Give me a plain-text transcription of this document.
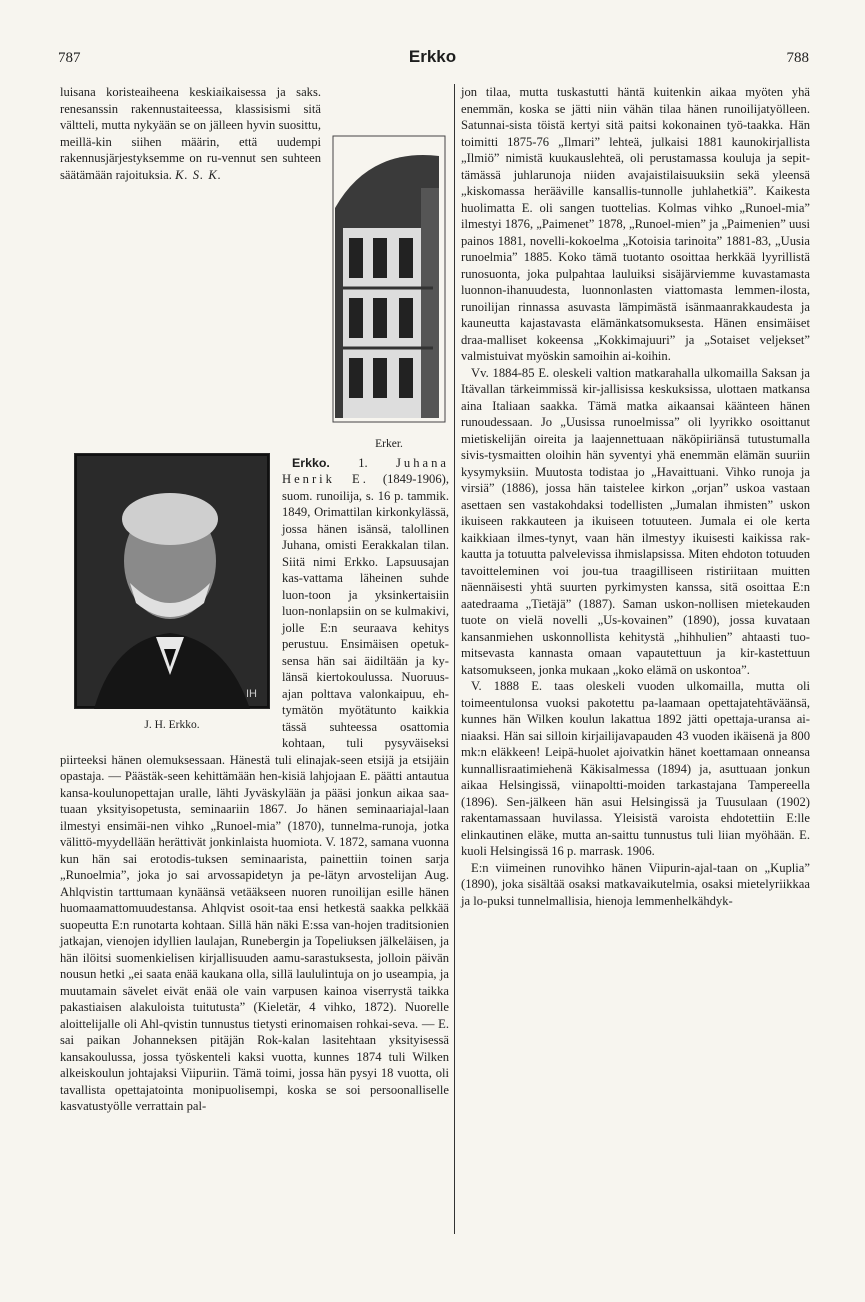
787	Erkko	788
Erker.

luisana koristeaiheena keskiaikaisessa ja saks. renesanssin rakennustaiteessa, klassisismi sitä vältteli, mutta nykyään se on jälleen hyvin suosittu, meillä-kin siihen määrin, että uudempi rakennusjärjestyksemme on ru-vennut sen suhteen säätämään rajoituksia. K. S. K.

IH
J. H. Erkko.

Erkko. 1. Juhana Henrik E. (1849-1906), suom. runoilija, s. 16 p. tammik. 1849, Orimattilan kirkonkylässä, jossa hänen isänsä, talollinen Juhana, omisti Eerakkalan tilan. Siitä nimi Erkko. Lapsuusajan kas-vattama läheinen suhde luon-toon ja yksinkertaisiin luon-nonlapsiin on se kulmakivi, jolle E:n seuraava kehitys perustuu. Ensimäisen opetuk-sensa hän sai äidiltään ja ky-länsä kiertokoulussa. Nuoruus-ajan polttava valonkaipuu, eh-tymätön myötätunto kaikkia tässä suhteessa osattomia kohtaan, tuli pysyväiseksi piirteeksi hänen olemuksessaan. Hänestä tuli elinajak-seen etsijä ja etsijäin opastaja. — Päästäk-seen kehittämään hen-kisiä lahjojaan E. päätti antautua kansa-koulunopettajan uralle, lähti Jyväskylään ja pääsi jonkun aikaa saa-tuaan yksityisopetusta, seminaariin 1867. Jo hänen seminaariajal-laan ilmestyi ensimäi-nen vihko „Runoel-mia” (1870), tunnelma-runoja, jotka välittö-myydellään herättivät jonkinlaista huomiota. V. 1872, samana vuonna kun hän sai erotodis-tuksen seminaarista, painettiin toinen sarja „Runoelmia”, joka jo sai arvossapidetyn ja pe-lätyn arvostelijan Aug. Ahlqvistin tarttumaan kynäänsä vetääkseen nuoren runoilijan esille hänen huomaamattomuudestansa. Ahlqvist osoit-taa ensi hetkestä saakka pelkkää suopeutta E:n runotarta kohtaan. Sillä hän näki E:ssa van-hojen traditsionien jatkajan, vienojen idyllien laulajan, Runebergin ja Topeliuksen jälkeläisen, ja hän ilöitsi suomenkielisen kirjallisuuden aamu-sarastuksesta, jolloin päivän nousun hetki „ei saata enää kaukana olla, sillä laululintuja on jo useampia, ja muutamain sävelet eivät enää ole vain varpusen kainoa viserrystä taikka pakastiaisen alakuloista tuitutusta” (Kieletär, 4 vihko, 1872). Nuorelle aloittelijalle oli Ahl-qvistin tunnustus tietysti erinomaisen rohkai-seva. — E. sai paikan Johanneksen pitäjän Rok-kalan lasitehtaan yksityisessä kansakoulussa, jossa työskenteli kaksi vuotta, kunnes 1874 tuli Wilken alkeiskoulun johtajaksi Viipuriin. Tämä toimi, jossa hän pysyi 18 vuotta, oli tavallista opettajatointa monipuolisempi, koska se soi persoonalliselle kasvatustyölle verrattain pal-

jon tilaa, mutta tuskastutti häntä kuitenkin aikaa myöten yhä enemmän, koska se jätti niin vähän tilaa hänen runoilijatyölleen. Satunnai-sista töistä kertyi sitä paitsi kokonainen työ-taakka. Hän toimitti 1875-76 „Ilmari” lehteä, julkaisi 1881 kaunokirjallista „Ilmiö” nimistä kuukauslehteä, oli perustamassa kouluja ja sepit-tämässä juhlarunoja niiden avajaistilaisuuksiin sekä yleensä „kiskomassa herääville kansallis-tunnolle juhlahetkiä”. Kaikesta huolimatta E. oli sangen tuottelias. Kolmas vihko „Runoel-mia” ilmestyi 1876, „Paimenet” 1878, „Runoel-mien” ja „Paimenien” uusi painos 1881, novelli-kokoelma „Kotoisia tarinoita” 1881-83, „Uusia runoelmia” 1885. Koko tämä tuotanto osoittaa herkkää lyyrillistä runosuonta, joka pulpahtaa lauluiksi sisäjärviemme kuvastamasta luonnon-ihanuudesta, luonnonlasten viattomasta lemmen-ilosta, runoilijan rinnassa asuvasta lämpimästä isänmaanrakkaudesta ja kauneutta kajastavasta elämänkatsomuksesta. Hänen ensimäiset draa-malliset kokeensa „Kokkimajuuri” ja „Sotaiset veljekset” valmistuivat myöskin samoihin ai-koihin.

Vv. 1884-85 E. oleskeli valtion matkarahalla ulkomailla Saksan ja Itävallan tärkeimmissä kir-jallisissa keskuksissa, ulottaen matkansa aina Italiaan saakka. Tämä matka aikaansai käänteen hänen runoudessaan. Jo „Uusissa runoelmissa” oli lyyrikko osoittanut mietiskelijän oireita ja laajennettuaan näköpiiriänsä tutustumalla sivis-tysmaitten oloihin hän syventyi yhä enemmän elämän suuriin kysymyksiin. Muutosta todistaa jo „Havaittuani. Vihko runoja ja virsiä” (1886), jossa hän taistelee kirkon „orjan” uskoa vastaan asettaen sen vastakohdaksi todellisten „Jumalan ihmisten” uskon ikuiseen rakkauteen ja ikuiseen totuuteen. Jumala ei ole kerta kaikkiaan ilmes-tynyt, vaan hän ilmestyy ikuisesti kaikissa rak-kautta ja totuutta palvelevissa ihmislapsissa. Miten ehdoton totuuden tavoitteleminen voi jou-tua traagilliseen ristiriitaan muitten näennäisesti yhtä suurten pyrkimysten kanssa, sitä osoittaa E:n aatedraama „Tietäjä” (1887). Saman uskon-nollisen mietekauden tuote on vielä novelli „Us-kovainen” (1890), jossa kuvataan kansanmiehen uskonnollista kehitystä „hihhulien” ahtaasti tuo-mitsevasta kannasta omaan vapautettuun ja kir-kastettuun katsomukseen, jonka mukaan „koko elämä on uskontoa”.

V. 1888 E. taas oleskeli vuoden ulkomailla, mutta oli toimeentulonsa vuoksi pakotettu pa-laamaan opettajatehtäväänsä, kunnes hän Wilken koulun lakattua 1892 jätti opettaja-uransa ai-niaaksi. Hän sai silloin kirjailijavapauden 43 vuoden ikäisenä ja 800 mk:n eläkkeen! Leipä-huolet ajoivatkin hänet koettamaan onneansa kunnallisraatimiehenä Käkisalmessa (1894) ja, asuttuaan jonkun aikaa Helsingissä, viinapoltti-moiden tarkastajana Tampereella (1896). Sen-jälkeen hän asui Helsingissä ja Tuusulaan (1902) rakentamassaan huvilassa. Yleisistä varoista ehdotettiin E:lle elinkautinen eläke, mutta an-saittu tunnustus tuli liian myöhään. E. kuoli Helsingissä 16 p. marrask. 1906.

E:n viimeinen runovihko hänen Viipurin-ajal-taan on „Kuplia” (1890), joka sisältää osaksi matkavaikutelmia, osaksi mietelyriikkaa ja lo-puksi tunnelmallisia, hienoja lemmenhelkähdyk-
